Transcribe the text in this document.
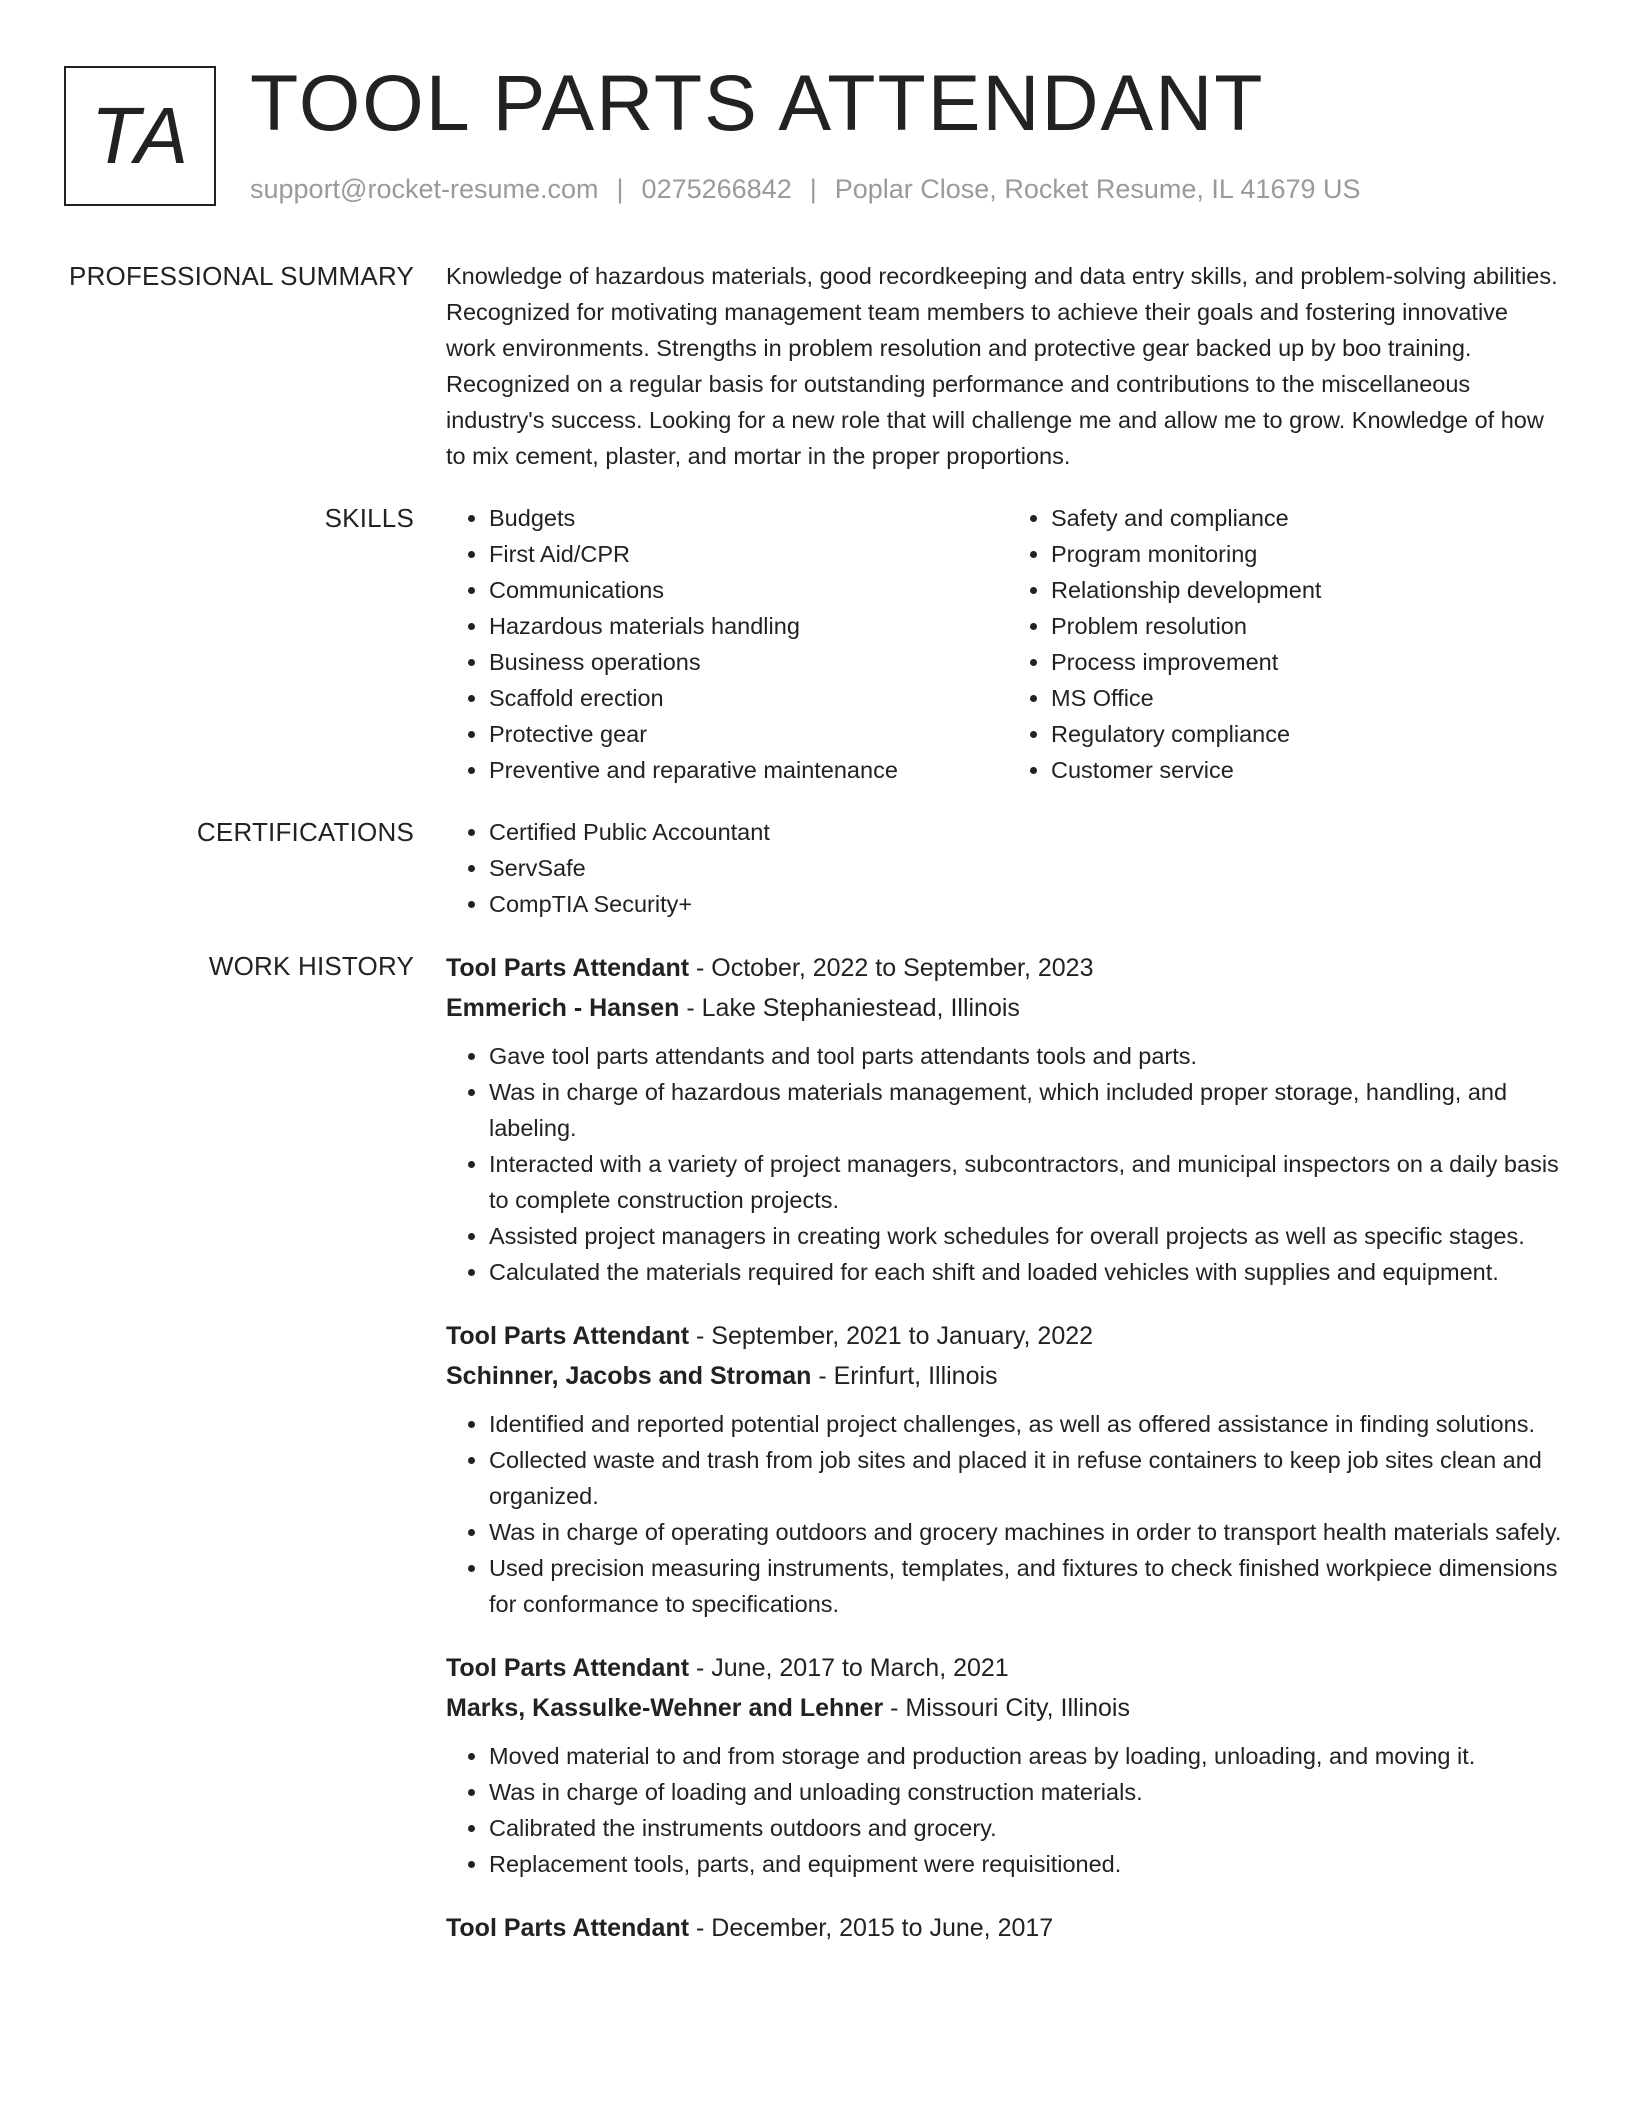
TA TOOL PARTS ATTENDANT
support@rocket-resume.com | 0275266842 | Poplar Close, Rocket Resume, IL 41679 US
PROFESSIONAL SUMMARY Knowledge of hazardous materials, good recordkeeping and data entry skills, and problem-solving abilities. Recognized for motivating management team members to achieve their goals and fostering innovative work environments. Strengths in problem resolution and protective gear backed up by boo training. Recognized on a regular basis for outstanding performance and contributions to the miscellaneous industry's success. Looking for a new role that will challenge me and allow me to grow. Knowledge of how to mix cement, plaster, and mortar in the proper proportions.

SKILLS	• Budgets
• First Aid/CPR
• Communications
• Hazardous materials handling
• Business operations
• Scaffold erection
• Protective gear
• Preventive and reparative maintenance
• Safety and compliance
• Program monitoring
• Relationship development
• Problem resolution
• Process improvement
• MS Office
• Regulatory compliance
• Customer service
CERTIFICATIONS	• Certified Public Accountant
• ServSafe
• CompTIA Security+
WORK HISTORY Tool Parts Attendant - October, 2022 to September, 2023
Emmerich - Hansen - Lake Stephaniestead, Illinois
• Gave tool parts attendants and tool parts attendants tools and parts.
• Was in charge of hazardous materials management, which included proper storage, handling, and labeling.
• Interacted with a variety of project managers, subcontractors, and municipal inspectors on a daily basis to complete construction projects.
• Assisted project managers in creating work schedules for overall projects as well as specific stages.
• Calculated the materials required for each shift and loaded vehicles with supplies and equipment.
Tool Parts Attendant - September, 2021 to January, 2022
Schinner, Jacobs and Stroman - Erinfurt, Illinois
• Identified and reported potential project challenges, as well as offered assistance in finding solutions.
• Collected waste and trash from job sites and placed it in refuse containers to keep job sites clean and organized.
• Was in charge of operating outdoors and grocery machines in order to transport health materials safely.
• Used precision measuring instruments, templates, and fixtures to check finished workpiece dimensions for conformance to specifications.
Tool Parts Attendant - June, 2017 to March, 2021
Marks, Kassulke-Wehner and Lehner - Missouri City, Illinois
• Moved material to and from storage and production areas by loading, unloading, and moving it.
• Was in charge of loading and unloading construction materials.
• Calibrated the instruments outdoors and grocery.
• Replacement tools, parts, and equipment were requisitioned.
Tool Parts Attendant - December, 2015 to June, 2017
